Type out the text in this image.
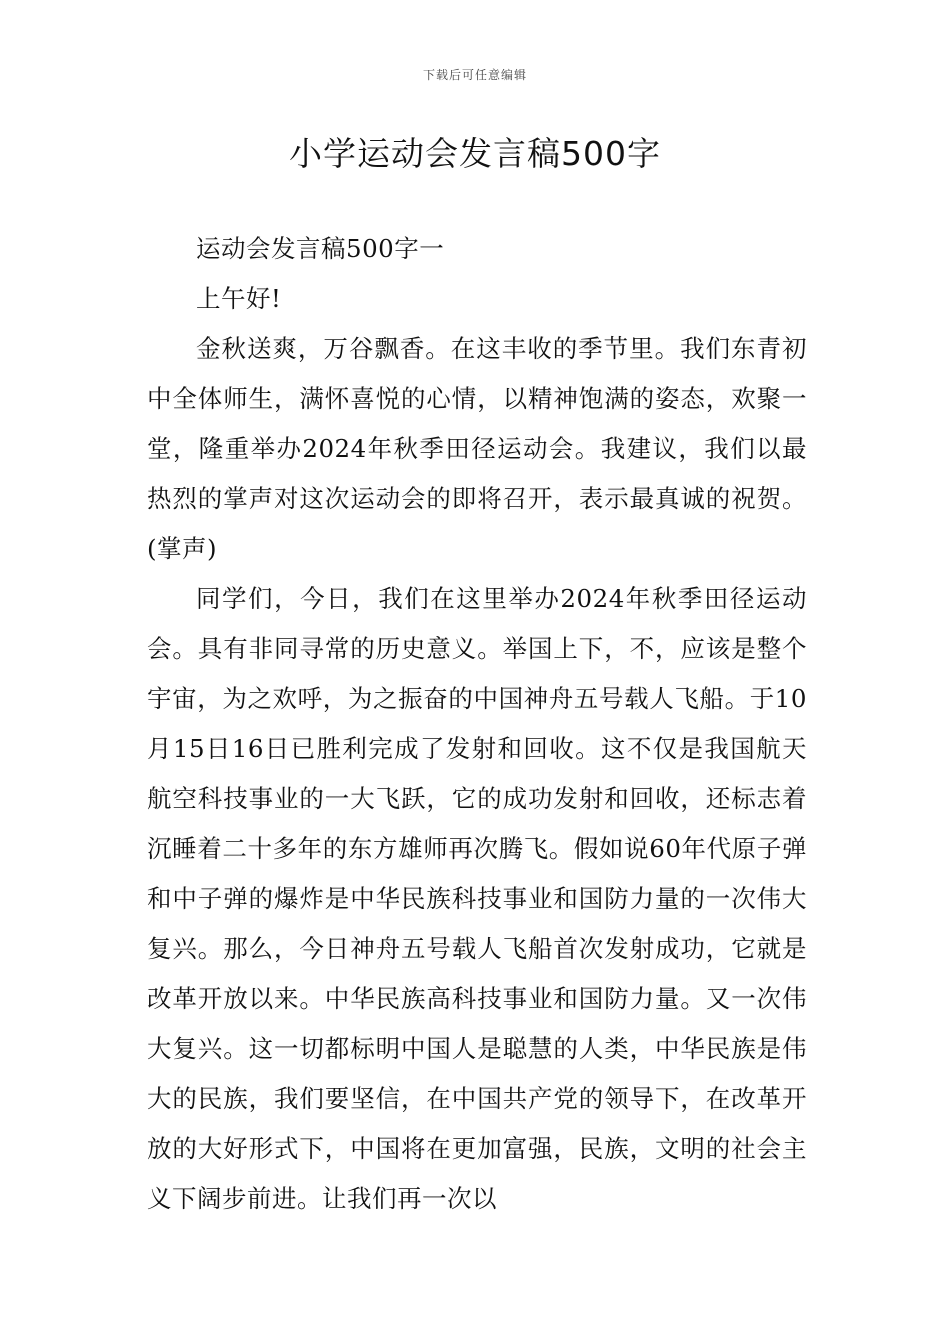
下载后可任意编辑
小学运动会发言稿500字

运动会发言稿500字一

上午好!

金秋送爽，万谷飘香。在这丰收的季节里。我们东青初中全体师生，满怀喜悦的心情，以精神饱满的姿态，欢聚一堂，隆重举办2024年秋季田径运动会。我建议，我们以最热烈的掌声对这次运动会的即将召开，表示最真诚的祝贺。(掌声)

同学们，今日，我们在这里举办2024年秋季田径运动会。具有非同寻常的历史意义。举国上下，不，应该是整个宇宙，为之欢呼，为之振奋的中国神舟五号载人飞船。于10月15日16日已胜利完成了发射和回收。这不仅是我国航天航空科技事业的一大飞跃，它的成功发射和回收，还标志着沉睡着二十多年的东方雄师再次腾飞。假如说60年代原子弹和中子弹的爆炸是中华民族科技事业和国防力量的一次伟大复兴。那么，今日神舟五号载人飞船首次发射成功，它就是改革开放以来。中华民族高科技事业和国防力量。又一次伟大复兴。这一切都标明中国人是聪慧的人类，中华民族是伟大的民族，我们要坚信，在中国共产党的领导下，在改革开放的大好形式下，中国将在更加富强，民族，文明的社会主义下阔步前进。让我们再一次以
